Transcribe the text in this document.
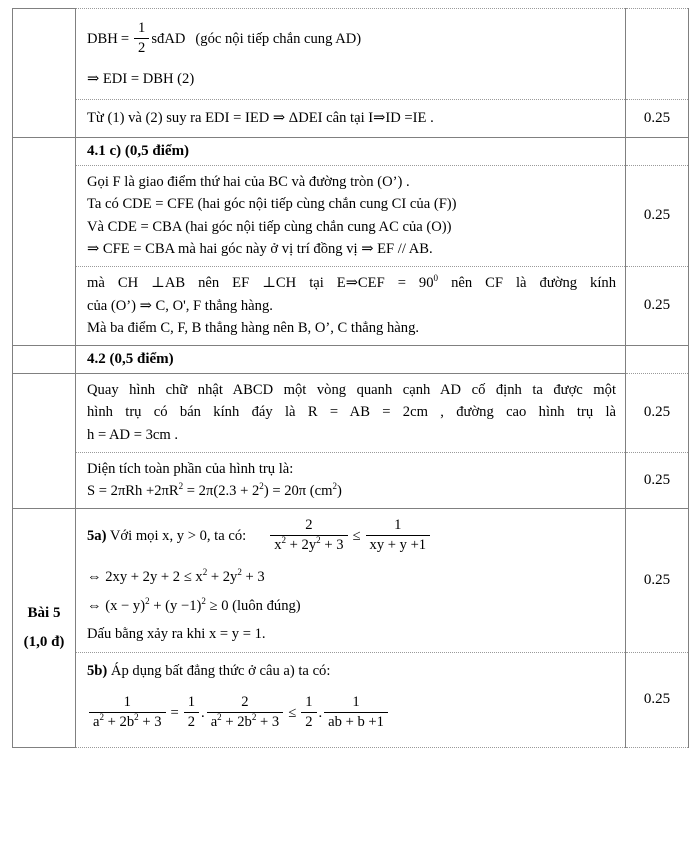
	DBH = $\frac{1}{2}$ sđAD (góc nội tiếp chắn cung AD)
⇒ EDI = DBH (2)	

	Từ (1) và (2) suy ra EDI = IED ⇒ ΔDEI cân tại I⇒ID =IE .	0.25
	4.1 c) (0,5 điểm)	

	Gọi F là giao điểm thứ hai của BC và đường tròn (O’) .
Ta có CDE = CFE (hai góc nội tiếp cùng chắn cung CI của (F))
Và CDE = CBA (hai góc nội tiếp cùng chắn cung AC của (O))
⇒ CFE = CBA mà hai góc này ở vị trí đồng vị ⇒ EF // AB.	0.25

	mà CH ⊥AB nên EF ⊥CH tại E⇒CEF = $90^0$ nên CF là đường kính
của (O’) ⇒ C, O', F thẳng hàng.
Mà ba điểm C, F, B thẳng hàng nên B, O’, C thẳng hàng.	0.25
	4.2 (0,5 điểm)	

	Quay hình chữ nhật ABCD một vòng quanh cạnh AD cố định ta được một
hình trụ có bán kính đáy là R = AB = 2cm , đường cao hình trụ là
h = AD = 3cm .	0.25

	Diện tích toàn phần của hình trụ là:
$S = 2\pi Rh +2\pi R^2 = 2\pi(2.3 + 2^2) = 20\pi$ $(cm^2)$	0.25

Bài 5
(1,0 đ)

5a) Với mọi x, y > 0, ta có: $\frac{2}{x^2 + 2y^2 + 3} \le \frac{1}{xy + y +1}$
⇔ $2xy + 2y + 2 \le x^2 + 2y^2 + 3$
⇔ $(x - y)^2 + (y -1)^2 \ge 0$ (luôn đúng)
Dấu bằng xảy ra khi x = y = 1.
	0.25

5b) Áp dụng bất đẳng thức ở câu a) ta có:
$\frac{1}{a^2 + 2b^2 + 3} = \frac{1}{2}$ . $\frac{2}{a^2 + 2b^2 + 3} \le \frac{1}{2}$ . $\frac{1}{ab + b +1}$	0.25
